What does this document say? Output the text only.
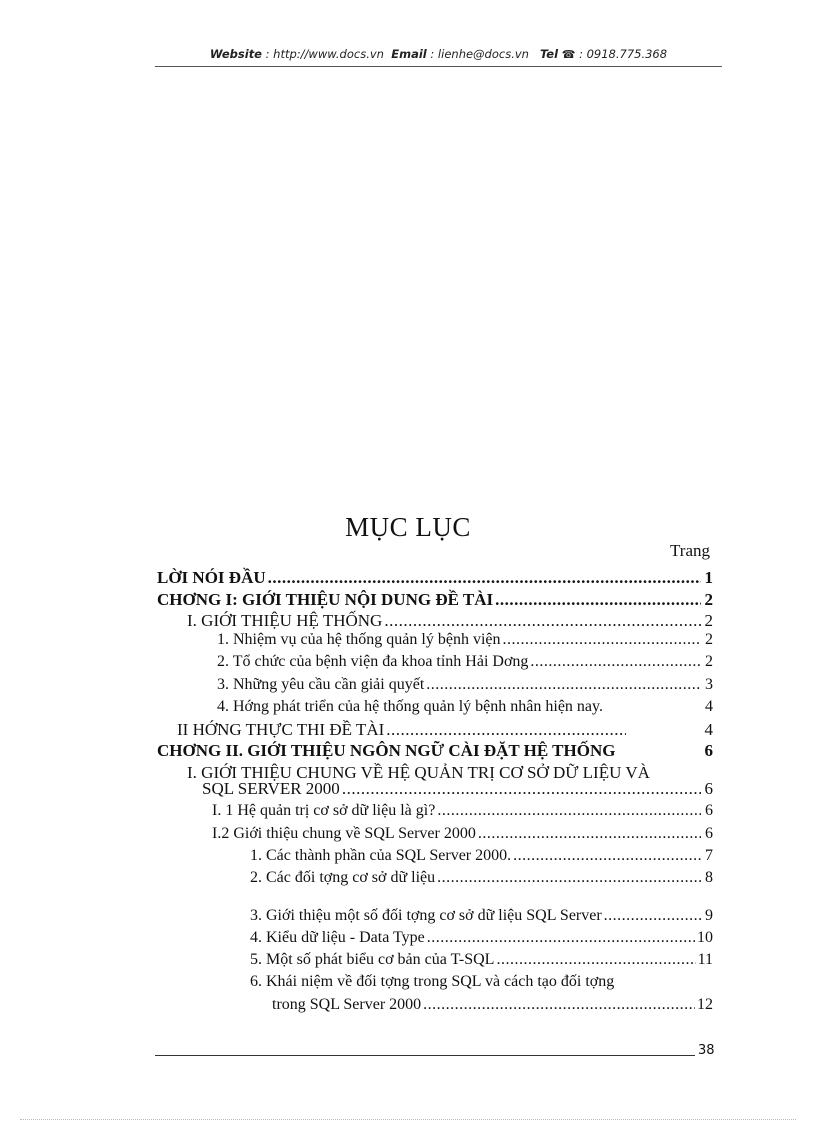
Website : http://www.docs.vn Email : lienhe@docs.vn Tel ☎ : 0918.775.368
MỤC LỤC
Trang
LỜI NÓI ĐẦU .....	1
CHƠNG I: GIỚI THIỆU NỘI DUNG ĐỀ TÀI .....	2
I. GIỚI THIỆU HỆ THỐNG .....	2
1. Nhiệm vụ của hệ thống quản lý bệnh viện .....	2
2. Tổ chức của bệnh viện đa khoa tỉnh Hải Dơng .....	2
3. Những yêu cầu cần giải quyết .....	3
4. Hớng phát triển của hệ thống quản lý bệnh nhân hiện nay.	4
II HỚNG THỰC THI ĐỀ TÀI .....	4
CHƠNG II. GIỚI THIỆU NGÔN NGỮ CÀI ĐẶT HỆ THỐNG	6
I. GIỚI THIỆU CHUNG VỀ HỆ QUẢN TRỊ CƠ SỞ DỮ LIỆU VÀ
SQL SERVER 2000 .....	6
I. 1 Hệ quản trị cơ sở dữ liệu là gì? .....	6
I.2 Giới thiệu chung về SQL Server 2000 .....	6
1. Các thành phần của SQL Server 2000. .....	7
2. Các đối tợng cơ sở dữ liệu .....	8
3. Giới thiệu một số đối tợng cơ sở dữ liệu SQL Server .....	9
4. Kiểu dữ liệu - Data Type .....	10
5. Một số phát biểu cơ bản của T-SQL .....	11
6. Khái niệm về đối tợng trong SQL và cách tạo đối tợng
trong SQL Server 2000 .....	12
38
